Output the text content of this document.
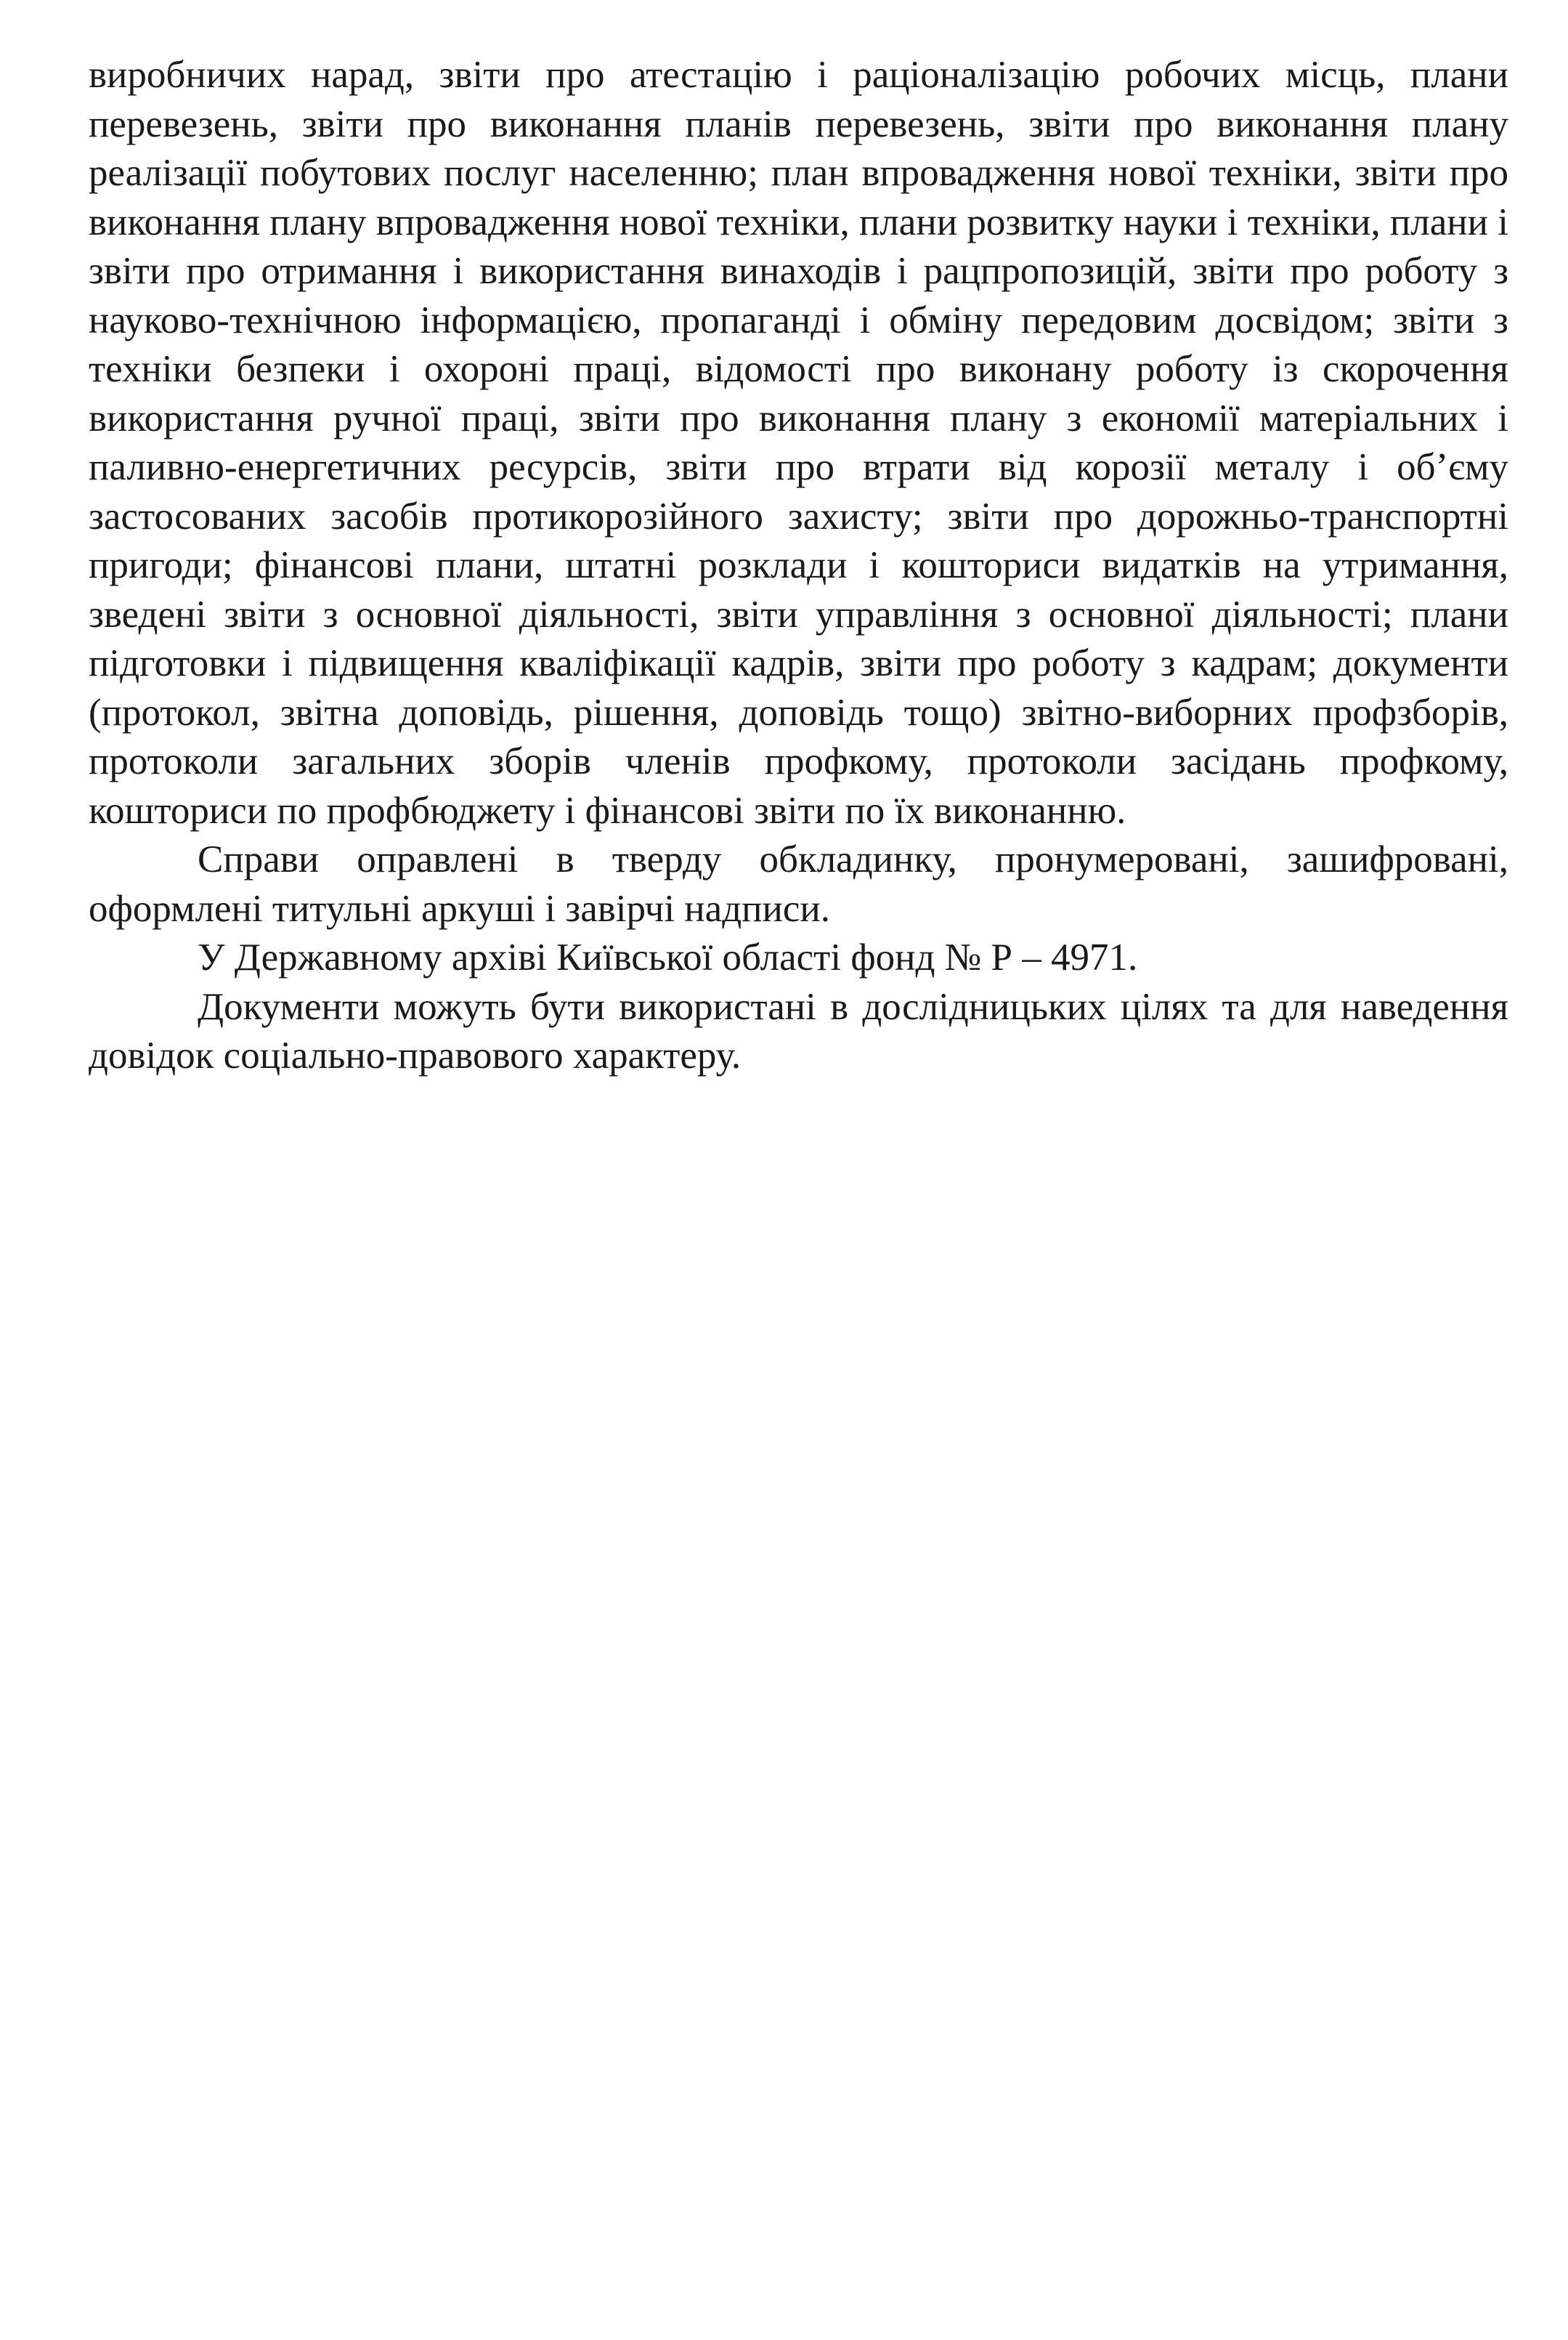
виробничих нарад, звіти про атестацію і раціоналізацію робочих місць, плани перевезень, звіти про виконання планів перевезень, звіти про виконання плану реалізації побутових послуг населенню; план впровадження нової техніки, звіти про виконання плану впровадження нової техніки, плани розвитку науки і техніки, плани і звіти про отримання і використання винаходів і рацпропозицій, звіти про роботу з науково-технічною інформацією, пропаганді і обміну передовим досвідом; звіти з техніки безпеки і охороні праці, відомості про виконану роботу із скорочення використання ручної праці, звіти про виконання плану з економії матеріальних і паливно-енергетичних ресурсів, звіти про втрати від корозії металу і об’єму застосованих засобів протикорозійного захисту; звіти про дорожньо-транспортні пригоди; фінансові плани, штатні розклади і кошториси видатків на утримання, зведені звіти з основної діяльності, звіти управління з основної діяльності; плани підготовки і підвищення кваліфікації кадрів, звіти про роботу з кадрам; документи (протокол, звітна доповідь, рішення, доповідь тощо) звітно-виборних профзборів, протоколи загальних зборів членів профкому, протоколи засідань профкому, кошториси по профбюджету і фінансові звіти по їх виконанню.

Справи оправлені в тверду обкладинку, пронумеровані, зашифровані, оформлені титульні аркуші і завірчі надписи.

У Державному архіві Київської області фонд № Р – 4971.

Документи можуть бути використані в дослідницьких цілях та для наведення довідок соціально-правового характеру.
